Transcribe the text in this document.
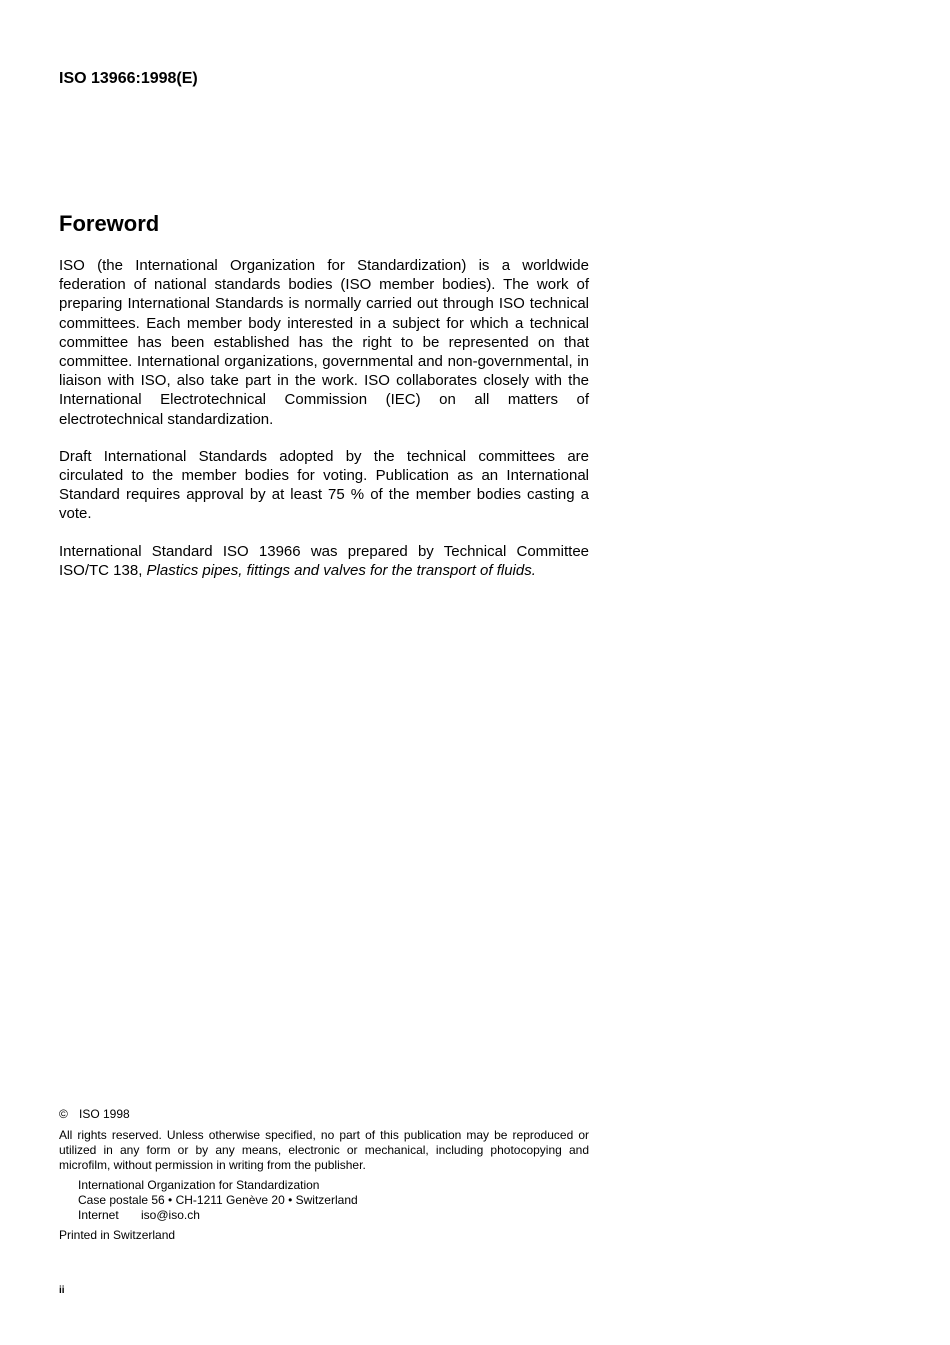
ISO 13966:1998(E)

Foreword

ISO (the International Organization for Standardization) is a worldwide federation of national standards bodies (ISO member bodies). The work of preparing International Standards is normally carried out through ISO technical committees. Each member body interested in a subject for which a technical committee has been established has the right to be represented on that committee. International organizations, governmental and non-governmental, in liaison with ISO, also take part in the work. ISO collaborates closely with the International Electrotechnical Commission (IEC) on all matters of electrotechnical standardization.

Draft International Standards adopted by the technical committees are circulated to the member bodies for voting. Publication as an International Standard requires approval by at least 75 % of the member bodies casting a vote.

International Standard ISO 13966 was prepared by Technical Committee ISO/TC 138, Plastics pipes, fittings and valves for the transport of fluids.

© ISO 1998

All rights reserved. Unless otherwise specified, no part of this publication may be reproduced or utilized in any form or by any means, electronic or mechanical, including photocopying and microfilm, without permission in writing from the publisher.

International Organization for Standardization

Case postale 56 • CH-1211 Genève 20 • Switzerland

Internet iso@iso.ch

Printed in Switzerland

ii
